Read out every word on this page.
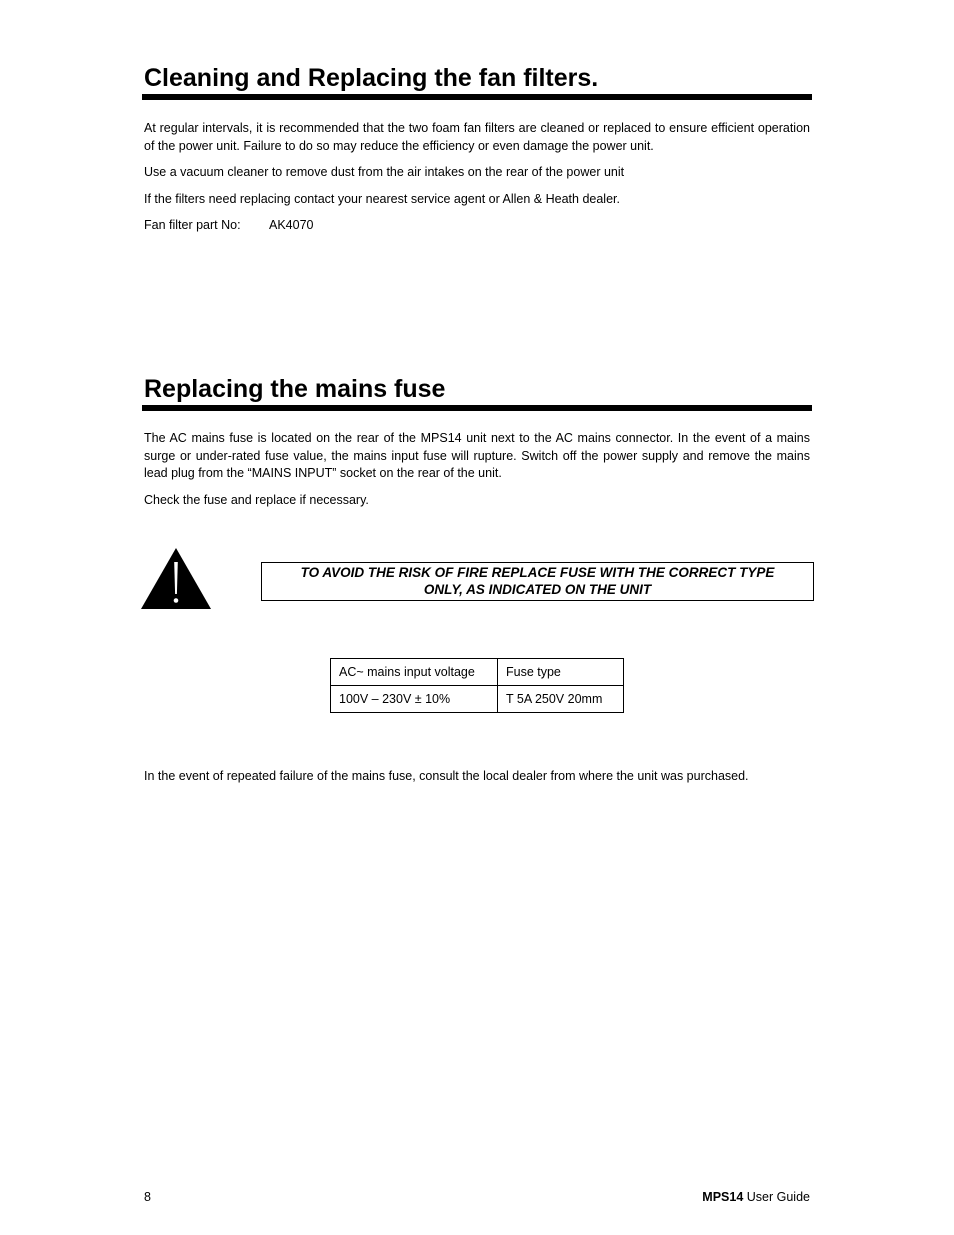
Cleaning and Replacing the fan filters.

At regular intervals, it is recommended that the two foam fan filters are cleaned or replaced to ensure efficient operation of the power unit. Failure to do so may reduce the efficiency or even damage the power unit.

Use a vacuum cleaner to remove dust from the air intakes on the rear of the power unit

If the filters need replacing contact your nearest service agent or Allen & Heath dealer.

Fan filter part No: AK4070
Replacing the mains fuse

The AC mains fuse is located on the rear of the MPS14 unit next to the AC mains connector. In the event of a mains surge or under-rated fuse value, the mains input fuse will rupture. Switch off the power supply and remove the mains lead plug from the “MAINS INPUT” socket on the rear of the unit.

Check the fuse and replace if necessary.

TO AVOID THE RISK OF FIRE REPLACE FUSE WITH THE CORRECT TYPE
ONLY, AS INDICATED ON THE UNIT
AC~ mains input voltage	Fuse type
100V – 230V ± 10%	T 5A 250V 20mm
In the event of repeated failure of the mains fuse, consult the local dealer from where the unit was purchased.
8	MPS14 User Guide
